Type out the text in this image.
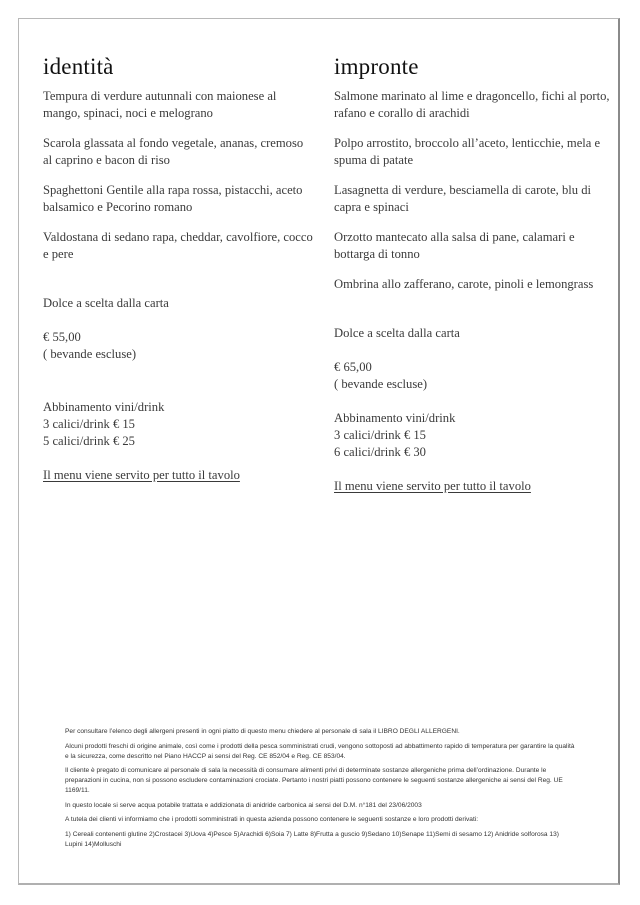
identità
Tempura di verdure autunnali con maionese al mango, spinaci, noci e melograno
Scarola glassata al fondo vegetale, ananas, cremoso al caprino e bacon di riso
Spaghettoni Gentile alla rapa rossa, pistacchi, aceto balsamico e Pecorino romano
Valdostana di sedano rapa, cheddar, cavolfiore, cocco e pere
Dolce a scelta dalla carta
€ 55,00
( bevande escluse)
Abbinamento vini/drink
3 calici/drink € 15
5 calici/drink € 25
Il menu viene servito per tutto il tavolo
impronte
Salmone marinato al lime e dragoncello, fichi al porto, rafano e corallo di arachidi
Polpo arrostito, broccolo all’aceto, lenticchie, mela e spuma di patate
Lasagnetta di verdure, besciamella di carote, blu di capra e spinaci
Orzotto mantecato alla salsa di pane, calamari e bottarga di tonno
Ombrina allo zafferano, carote, pinoli e lemongrass
Dolce a scelta dalla carta
€ 65,00
( bevande escluse)
Abbinamento vini/drink
3 calici/drink € 15
6 calici/drink € 30
Il menu viene servito per tutto il tavolo

Per consultare l’elenco degli allergeni presenti in ogni piatto di questo menu chiedere al personale di sala il LIBRO DEGLI ALLERGENI.

Alcuni prodotti freschi di origine animale, così come i prodotti della pesca somministrati crudi, vengono sottoposti ad abbattimento rapido di temperatura per garantire la qualità e la sicurezza, come descritto nel Piano HACCP ai sensi del Reg. CE 852/04 e Reg. CE 853/04.

Il cliente è pregato di comunicare al personale di sala la necessità di consumare alimenti privi di determinate sostanze allergeniche prima dell’ordinazione. Durante le preparazioni in cucina, non si possono escludere contaminazioni crociate. Pertanto i nostri piatti possono contenere le seguenti sostanze allergeniche ai sensi del Reg. UE 1169/11.

In questo locale si serve acqua potabile trattata e addizionata di anidride carbonica ai sensi del D.M. n°181 del 23/06/2003

A tutela dei clienti vi informiamo che i prodotti somministrati in questa azienda possono contenere le seguenti sostanze e loro prodotti derivati:

1) Cereali contenenti glutine 2)Crostacei 3)Uova 4)Pesce 5)Arachidi 6)Soia 7) Latte 8)Frutta a guscio 9)Sedano 10)Senape 11)Semi di sesamo 12) Anidride solforosa 13) Lupini 14)Molluschi
